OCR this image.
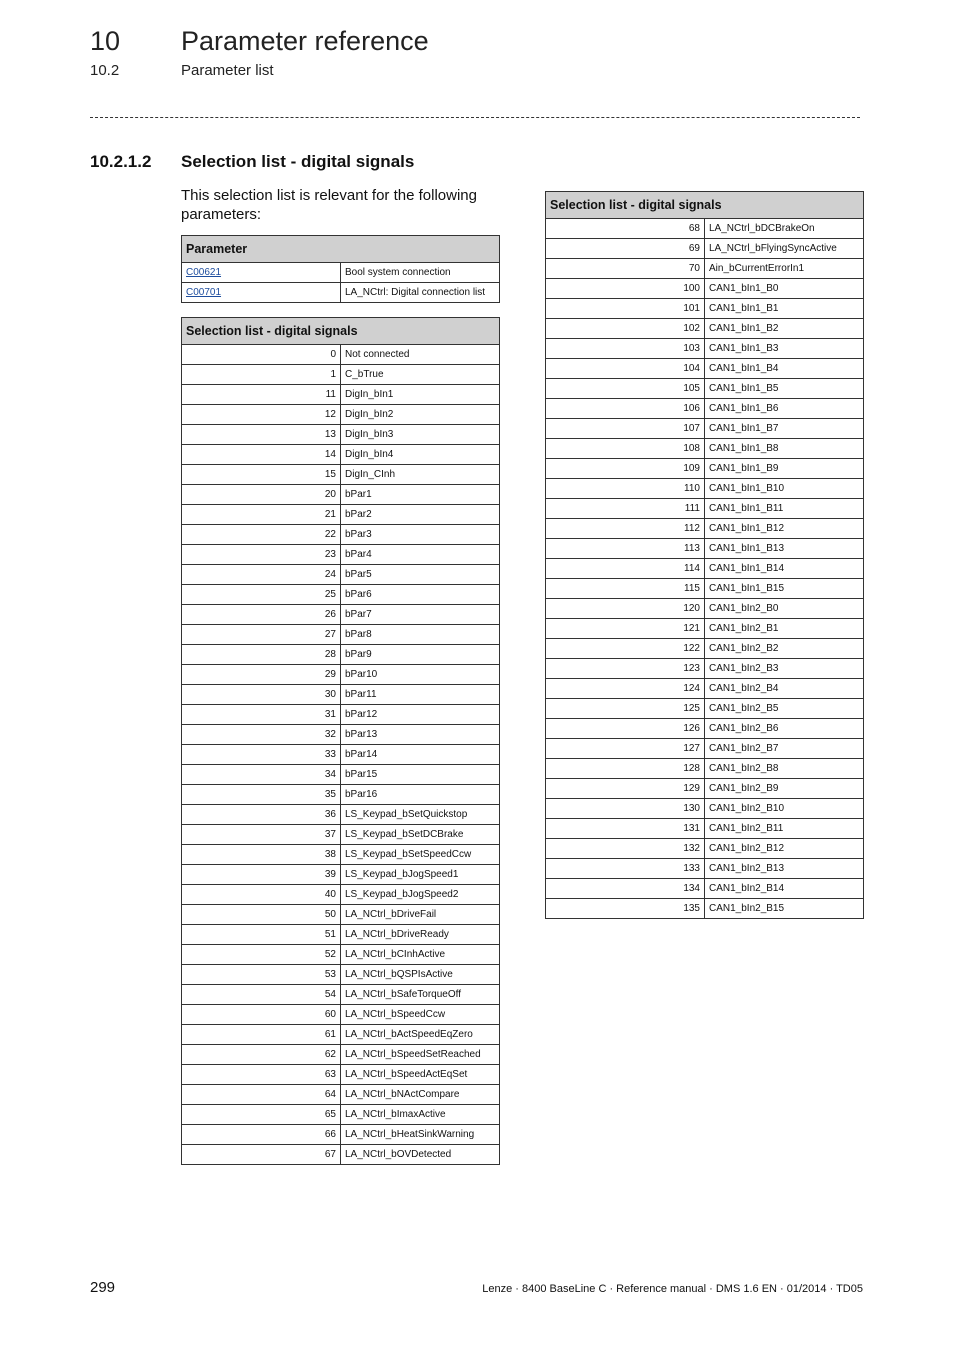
10 Parameter reference
10.2	Parameter list
10.2.1.2 Selection list - digital signals
This selection list is relevant for the following parameters:
Parameter	
C00621	Bool system connection
C00701	LA_NCtrl: Digital connection list
Selection list - digital signals	
0	Not connected
1	C_bTrue
11	DigIn_bIn1
12	DigIn_bIn2
13	DigIn_bIn3
14	DigIn_bIn4
15	DigIn_CInh
20	bPar1
21	bPar2
22	bPar3
23	bPar4
24	bPar5
25	bPar6
26	bPar7
27	bPar8
28	bPar9
29	bPar10
30	bPar11
31	bPar12
32	bPar13
33	bPar14
34	bPar15
35	bPar16
36	LS_Keypad_bSetQuickstop
37	LS_Keypad_bSetDCBrake
38	LS_Keypad_bSetSpeedCcw
39	LS_Keypad_bJogSpeed1
40	LS_Keypad_bJogSpeed2
50	LA_NCtrl_bDriveFail
51	LA_NCtrl_bDriveReady
52	LA_NCtrl_bCInhActive
53	LA_NCtrl_bQSPIsActive
54	LA_NCtrl_bSafeTorqueOff
60	LA_NCtrl_bSpeedCcw
61	LA_NCtrl_bActSpeedEqZero
62	LA_NCtrl_bSpeedSetReached
63	LA_NCtrl_bSpeedActEqSet
64	LA_NCtrl_bNActCompare
65	LA_NCtrl_bImaxActive
66	LA_NCtrl_bHeatSinkWarning
67	LA_NCtrl_bOVDetected
Selection list - digital signals	
68	LA_NCtrl_bDCBrakeOn
69	LA_NCtrl_bFlyingSyncActive
70	Ain_bCurrentErrorIn1
100	CAN1_bIn1_B0
101	CAN1_bIn1_B1
102	CAN1_bIn1_B2
103	CAN1_bIn1_B3
104	CAN1_bIn1_B4
105	CAN1_bIn1_B5
106	CAN1_bIn1_B6
107	CAN1_bIn1_B7
108	CAN1_bIn1_B8
109	CAN1_bIn1_B9
110	CAN1_bIn1_B10
111	CAN1_bIn1_B11
112	CAN1_bIn1_B12
113	CAN1_bIn1_B13
114	CAN1_bIn1_B14
115	CAN1_bIn1_B15
120	CAN1_bIn2_B0
121	CAN1_bIn2_B1
122	CAN1_bIn2_B2
123	CAN1_bIn2_B3
124	CAN1_bIn2_B4
125	CAN1_bIn2_B5
126	CAN1_bIn2_B6
127	CAN1_bIn2_B7
128	CAN1_bIn2_B8
129	CAN1_bIn2_B9
130	CAN1_bIn2_B10
131	CAN1_bIn2_B11
132	CAN1_bIn2_B12
133	CAN1_bIn2_B13
134	CAN1_bIn2_B14
135	CAN1_bIn2_B15
299	Lenze · 8400 BaseLine C · Reference manual · DMS 1.6 EN · 01/2014 · TD05
